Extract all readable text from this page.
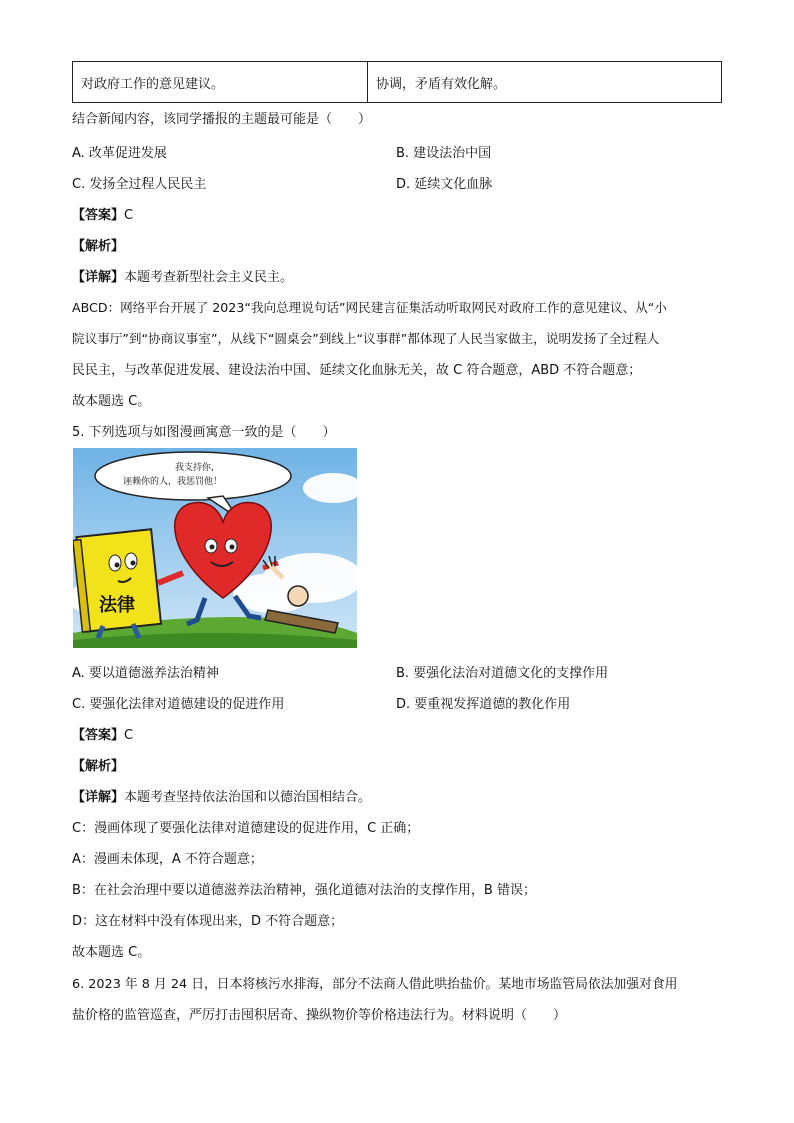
对政府工作的意见建议。	协调，矛盾有效化解。
结合新闻内容，该同学播报的主题最可能是（　　）
A. 改革促进发展	B. 建设法治中国
C. 发扬全过程人民民主	D. 延续文化血脉
【答案】C
【解析】
【详解】本题考查新型社会主义民主。
ABCD：网络平台开展了 2023“我向总理说句话”网民建言征集活动听取网民对政府工作的意见建议、从“小
院议事厅”到“协商议事室”，从线下“圆桌会”到线上“议事群”都体现了人民当家做主，说明发扬了全过程人
民民主，与改革促进发展、建设法治中国、延续文化血脉无关，故 C 符合题意，ABD 不符合题意；
故本题选 C。
5. 下列选项与如图漫画寓意一致的是（　　）
我支持你,
诬赖你的人，我惩罚他！
法律
A. 要以道德滋养法治精神	B. 要强化法治对道德文化的支撑作用
C. 要强化法律对道德建设的促进作用	D. 要重视发挥道德的教化作用
【答案】C
【解析】
【详解】本题考查坚持依法治国和以德治国相结合。
C：漫画体现了要强化法律对道德建设的促进作用，C 正确；
A：漫画未体现，A 不符合题意；
B：在社会治理中要以道德滋养法治精神，强化道德对法治的支撑作用，B 错误；
D：这在材料中没有体现出来，D 不符合题意；
故本题选 C。
6. 2023 年 8 月 24 日，日本将核污水排海，部分不法商人借此哄抬盐价。某地市场监管局依法加强对食用
盐价格的监管巡查，严厉打击囤积居奇、操纵物价等价格违法行为。材料说明（　　）
